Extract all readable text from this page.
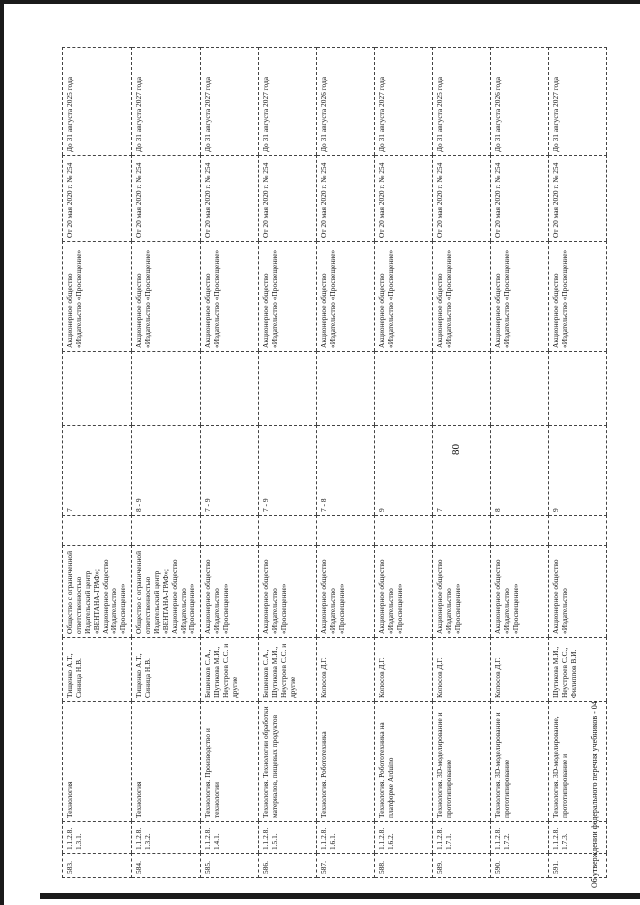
80
583.	1.1.2.8.1.3.1.	Технология	Тищенко А.Т., Синица Н.В.	Общество с ограниченной ответственностью Издательский центр «ВЕНТАНА-ГРАФ»; Акционерное общество «Издательство «Просвещение»		7		Акционерное общество «Издательство «Просвещение»	От 20 мая 2020 г. № 254	До 31 августа 2025 года
584.	1.1.2.8.1.3.2.	Технология	Тищенко А.Т., Синица Н.В.	Общество с ограниченной ответственностью Издательский центр «ВЕНТАНА-ГРАФ»; Акционерное общество «Издательство «Просвещение»		8 - 9		Акционерное общество «Издательство «Просвещение»	От 20 мая 2020 г. № 254	До 31 августа 2027 года
585.	1.1.2.8.1.4.1.	Технология. Производство и технологии	Бешенков С.А., Шутикова М.И., Неустроев С.С. и другие	Акционерное общество «Издательство «Просвещение»		7 - 9		Акционерное общество «Издательство «Просвещение»	От 20 мая 2020 г. № 254	До 31 августа 2027 года
586.	1.1.2.8.1.5.1.	Технология. Технологии обработки материалов, пищевых продуктов	Бешенков С.А., Шутикова М.И., Неустроев С.С. и другие	Акционерное общество «Издательство «Просвещение»		7 - 9		Акционерное общество «Издательство «Просвещение»	От 20 мая 2020 г. № 254	До 31 августа 2027 года
587.	1.1.2.8.1.6.1.	Технология. Робототехника	Копосов Д.Г.	Акционерное общество «Издательство «Просвещение»		7 - 8		Акционерное общество «Издательство «Просвещение»	От 20 мая 2020 г. № 254	До 31 августа 2026 года
588.	1.1.2.8.1.6.2.	Технология. Робототехника на платформе Arduino	Копосов Д.Г.	Акционерное общество «Издательство «Просвещение»		9		Акционерное общество «Издательство «Просвещение»	От 20 мая 2020 г. № 254	До 31 августа 2027 года
589.	1.1.2.8.1.7.1.	Технология. 3D-моделирование и прототипирование	Копосов Д.Г.	Акционерное общество «Издательство «Просвещение»		7		Акционерное общество «Издательство «Просвещение»	От 20 мая 2020 г. № 254	До 31 августа 2025 года
590.	1.1.2.8.1.7.2.	Технология. 3D-моделирование и прототипирование	Копосов Д.Г.	Акционерное общество «Издательство «Просвещение»		8		Акционерное общество «Издательство «Просвещение»	От 20 мая 2020 г. № 254	До 31 августа 2026 года
591.	1.1.2.8.1.7.3.	Технология. 3D-моделирование, прототипирование и	Шутикова М.И., Неустроев С.С., Филиппов В.И.	Акционерное общество «Издательство		9		Акционерное общество «Издательство «Просвещение»	От 20 мая 2020 г. № 254	До 31 августа 2027 года
Об утверждении федерального перечня учебников - 04
